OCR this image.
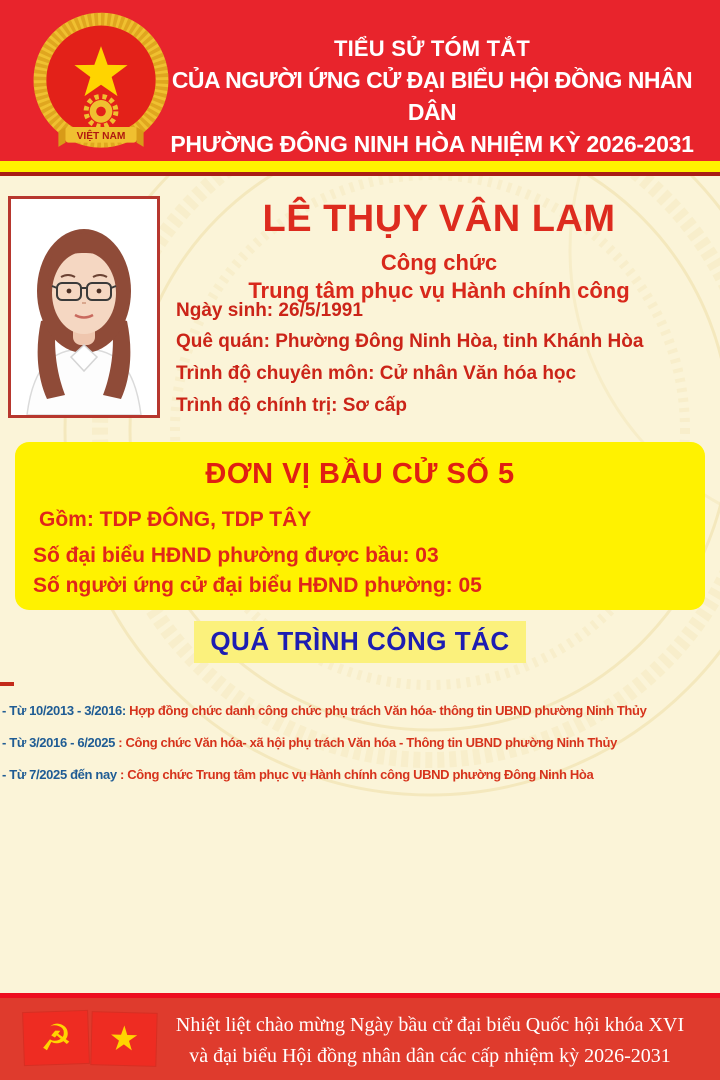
VIỆT NAM
TIỂU SỬ TÓM TẮT
CỦA NGƯỜI ỨNG CỬ ĐẠI BIỂU HỘI ĐỒNG NHÂN DÂN
PHƯỜNG ĐÔNG NINH HÒA NHIỆM KỲ 2026-2031
LÊ THỤY VÂN LAM
Công chức
Trung tâm phục vụ Hành chính công
Ngày sinh: 26/5/1991
Quê quán: Phường Đông Ninh Hòa, tinh Khánh Hòa
Trình độ chuyên môn: Cử nhân Văn hóa học
Trình độ chính trị: Sơ cấp
ĐƠN VỊ BẦU CỬ SỐ 5
Gồm: TDP ĐÔNG, TDP TÂY
Số đại biểu HĐND phường được bầu: 03
Số người ứng cử đại biểu HĐND phường: 05
QUÁ TRÌNH CÔNG TÁC
- Từ 10/2013 - 3/2016: Hợp đồng chức danh công chức phụ trách Văn hóa- thông tin UBND phường Ninh Thủy
- Từ 3/2016 - 6/2025 : Công chức Văn hóa- xã hội phụ trách Văn hóa - Thông tin UBND phường Ninh Thủy
- Từ 7/2025 đến nay : Công chức Trung tâm phục vụ Hành chính công UBND phường Đông Ninh Hòa
☭ ★	Nhiệt liệt chào mừng Ngày bầu cử đại biểu Quốc hội khóa XVI
và đại biểu Hội đồng nhân dân các cấp nhiệm kỳ 2026-2031
